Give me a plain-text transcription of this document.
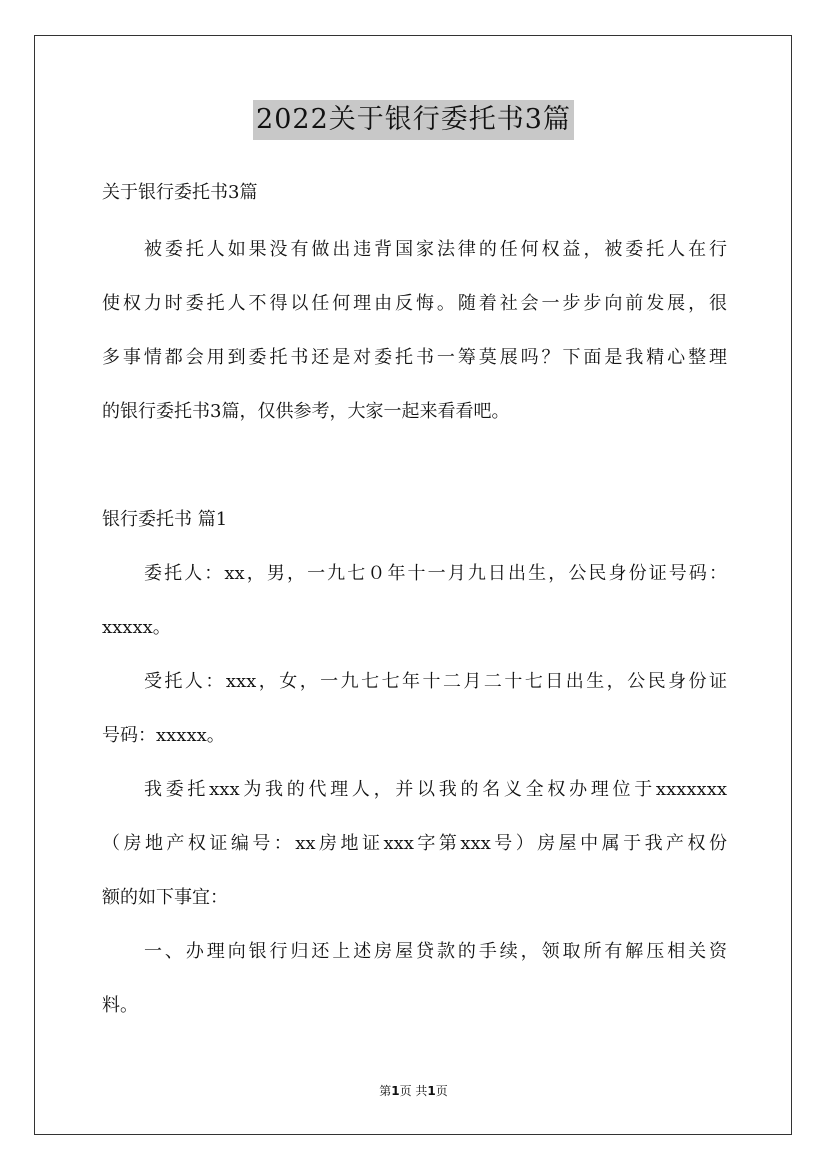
2022关于银行委托书3篇
关于银行委托书3篇
被委托人如果没有做出违背国家法律的任何权益，被委托人在行
使权力时委托人不得以任何理由反悔。随着社会一步步向前发展，很
多事情都会用到委托书还是对委托书一筹莫展吗？下面是我精心整理
的银行委托书3篇，仅供参考，大家一起来看看吧。
银行委托书 篇1
委托人：xx，男，一九七０年十一月九日出生，公民身份证号码：
xxxxx。
受托人：xxx，女，一九七七年十二月二十七日出生，公民身份证
号码：xxxxx。
我委托xxx为我的代理人，并以我的名义全权办理位于xxxxxxx
（房地产权证编号：xx房地证xxx字第xxx号）房屋中属于我产权份
额的如下事宜：
一、办理向银行归还上述房屋贷款的手续，领取所有解压相关资
料。
第1页 共1页
